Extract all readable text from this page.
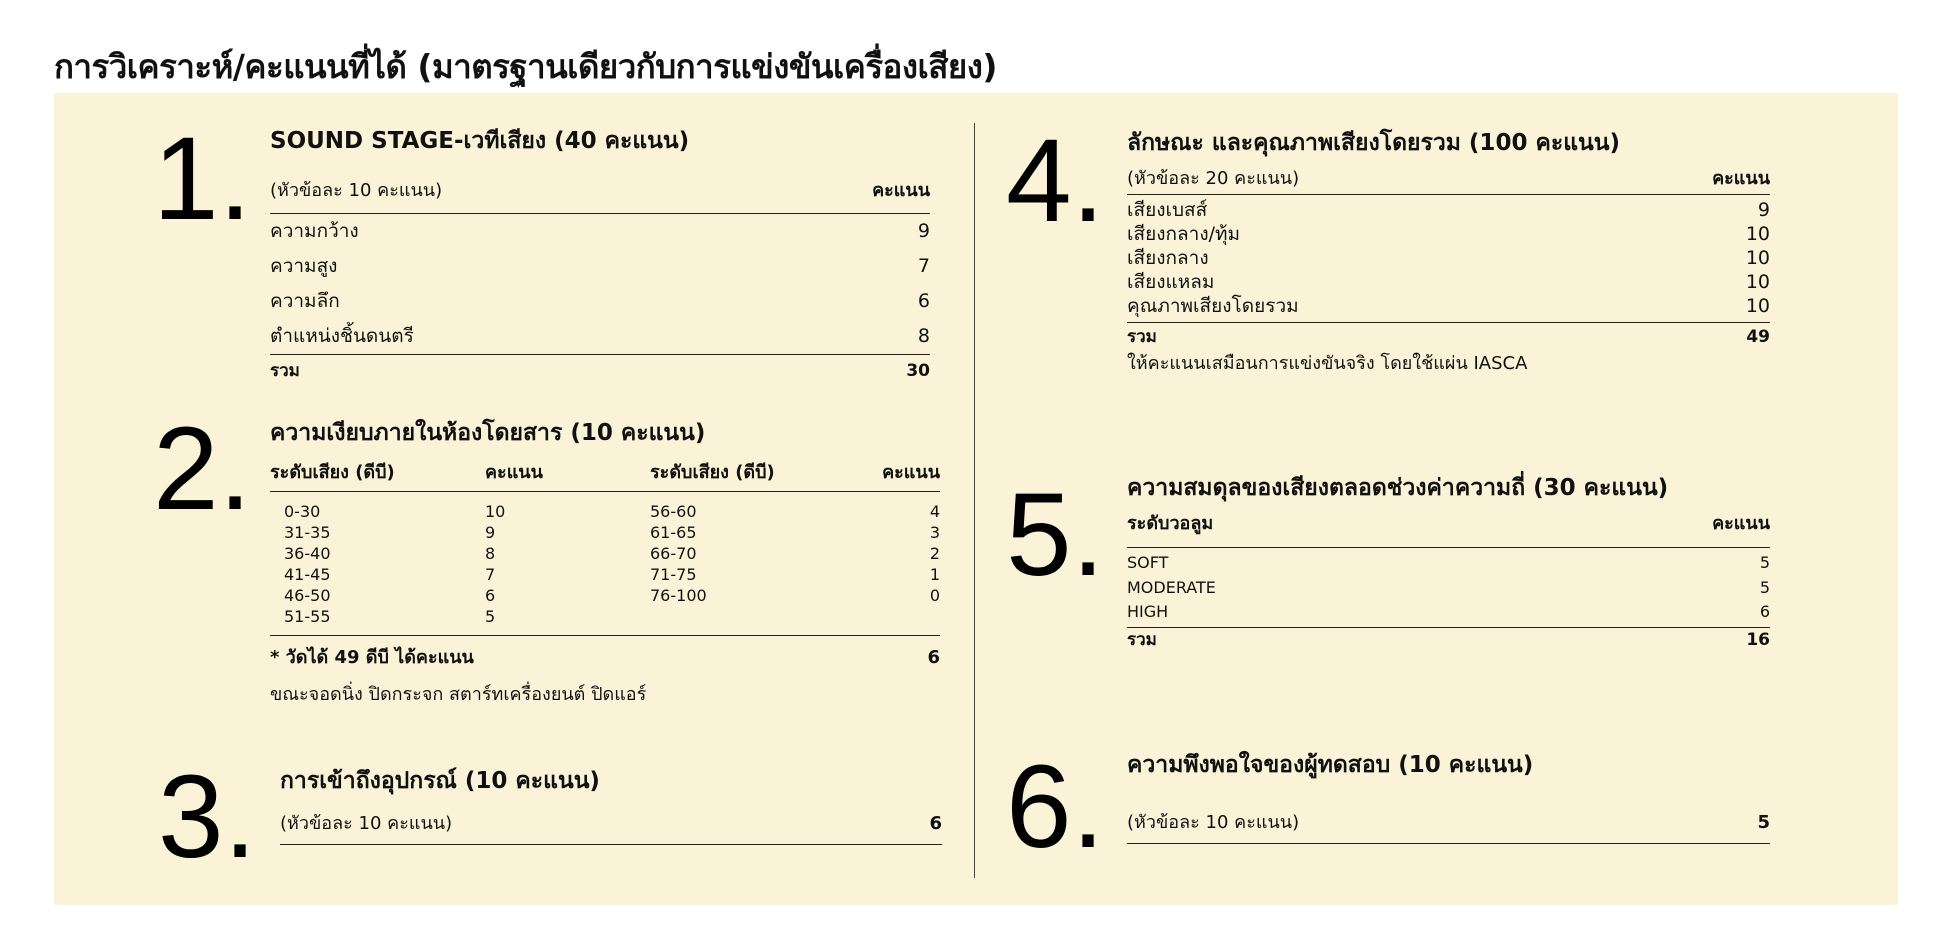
การวิเคราะห์/คะแนนที่ได้ (มาตรฐานเดียวกับการแข่งขันเครื่องเสียง)
1. SOUND STAGE-เวทีเสียง (40 คะแนน)
(หัวข้อละ 10 คะแนน)	คะแนน
ความกว้าง	9
ความสูง	7
ความลึก	6
ตำแหน่งชิ้นดนตรี	8
รวม	30
2. ความเงียบภายในห้องโดยสาร (10 คะแนน)
ระดับเสียง (ดีบี)	คะแนน	ระดับเสียง (ดีบี)	คะแนน
0-30	10	56-60	4
31-35	9	61-65	3
36-40	8	66-70	2
41-45	7	71-75	1
46-50	6	76-100	0
51-55	5
* วัดได้ 49 ดีบี ได้คะแนน	6
ขณะจอดนิ่ง ปิดกระจก สตาร์ทเครื่องยนต์ ปิดแอร์
3. การเข้าถึงอุปกรณ์ (10 คะแนน)
(หัวข้อละ 10 คะแนน)	6
4. ลักษณะ และคุณภาพเสียงโดยรวม (100 คะแนน)
(หัวข้อละ 20 คะแนน)	คะแนน
เสียงเบสส์	9
เสียงกลาง/ทุ้ม	10
เสียงกลาง	10
เสียงแหลม	10
คุณภาพเสียงโดยรวม	10
รวม	49
ให้คะแนนเสมือนการแข่งขันจริง โดยใช้แผ่น IASCA
5. ความสมดุลของเสียงตลอดช่วงค่าความถี่ (30 คะแนน)
ระดับวอลูม	คะแนน
SOFT	5
MODERATE	5
HIGH	6
รวม	16
6. ความพึงพอใจของผู้ทดสอบ (10 คะแนน)
(หัวข้อละ 10 คะแนน)	5
